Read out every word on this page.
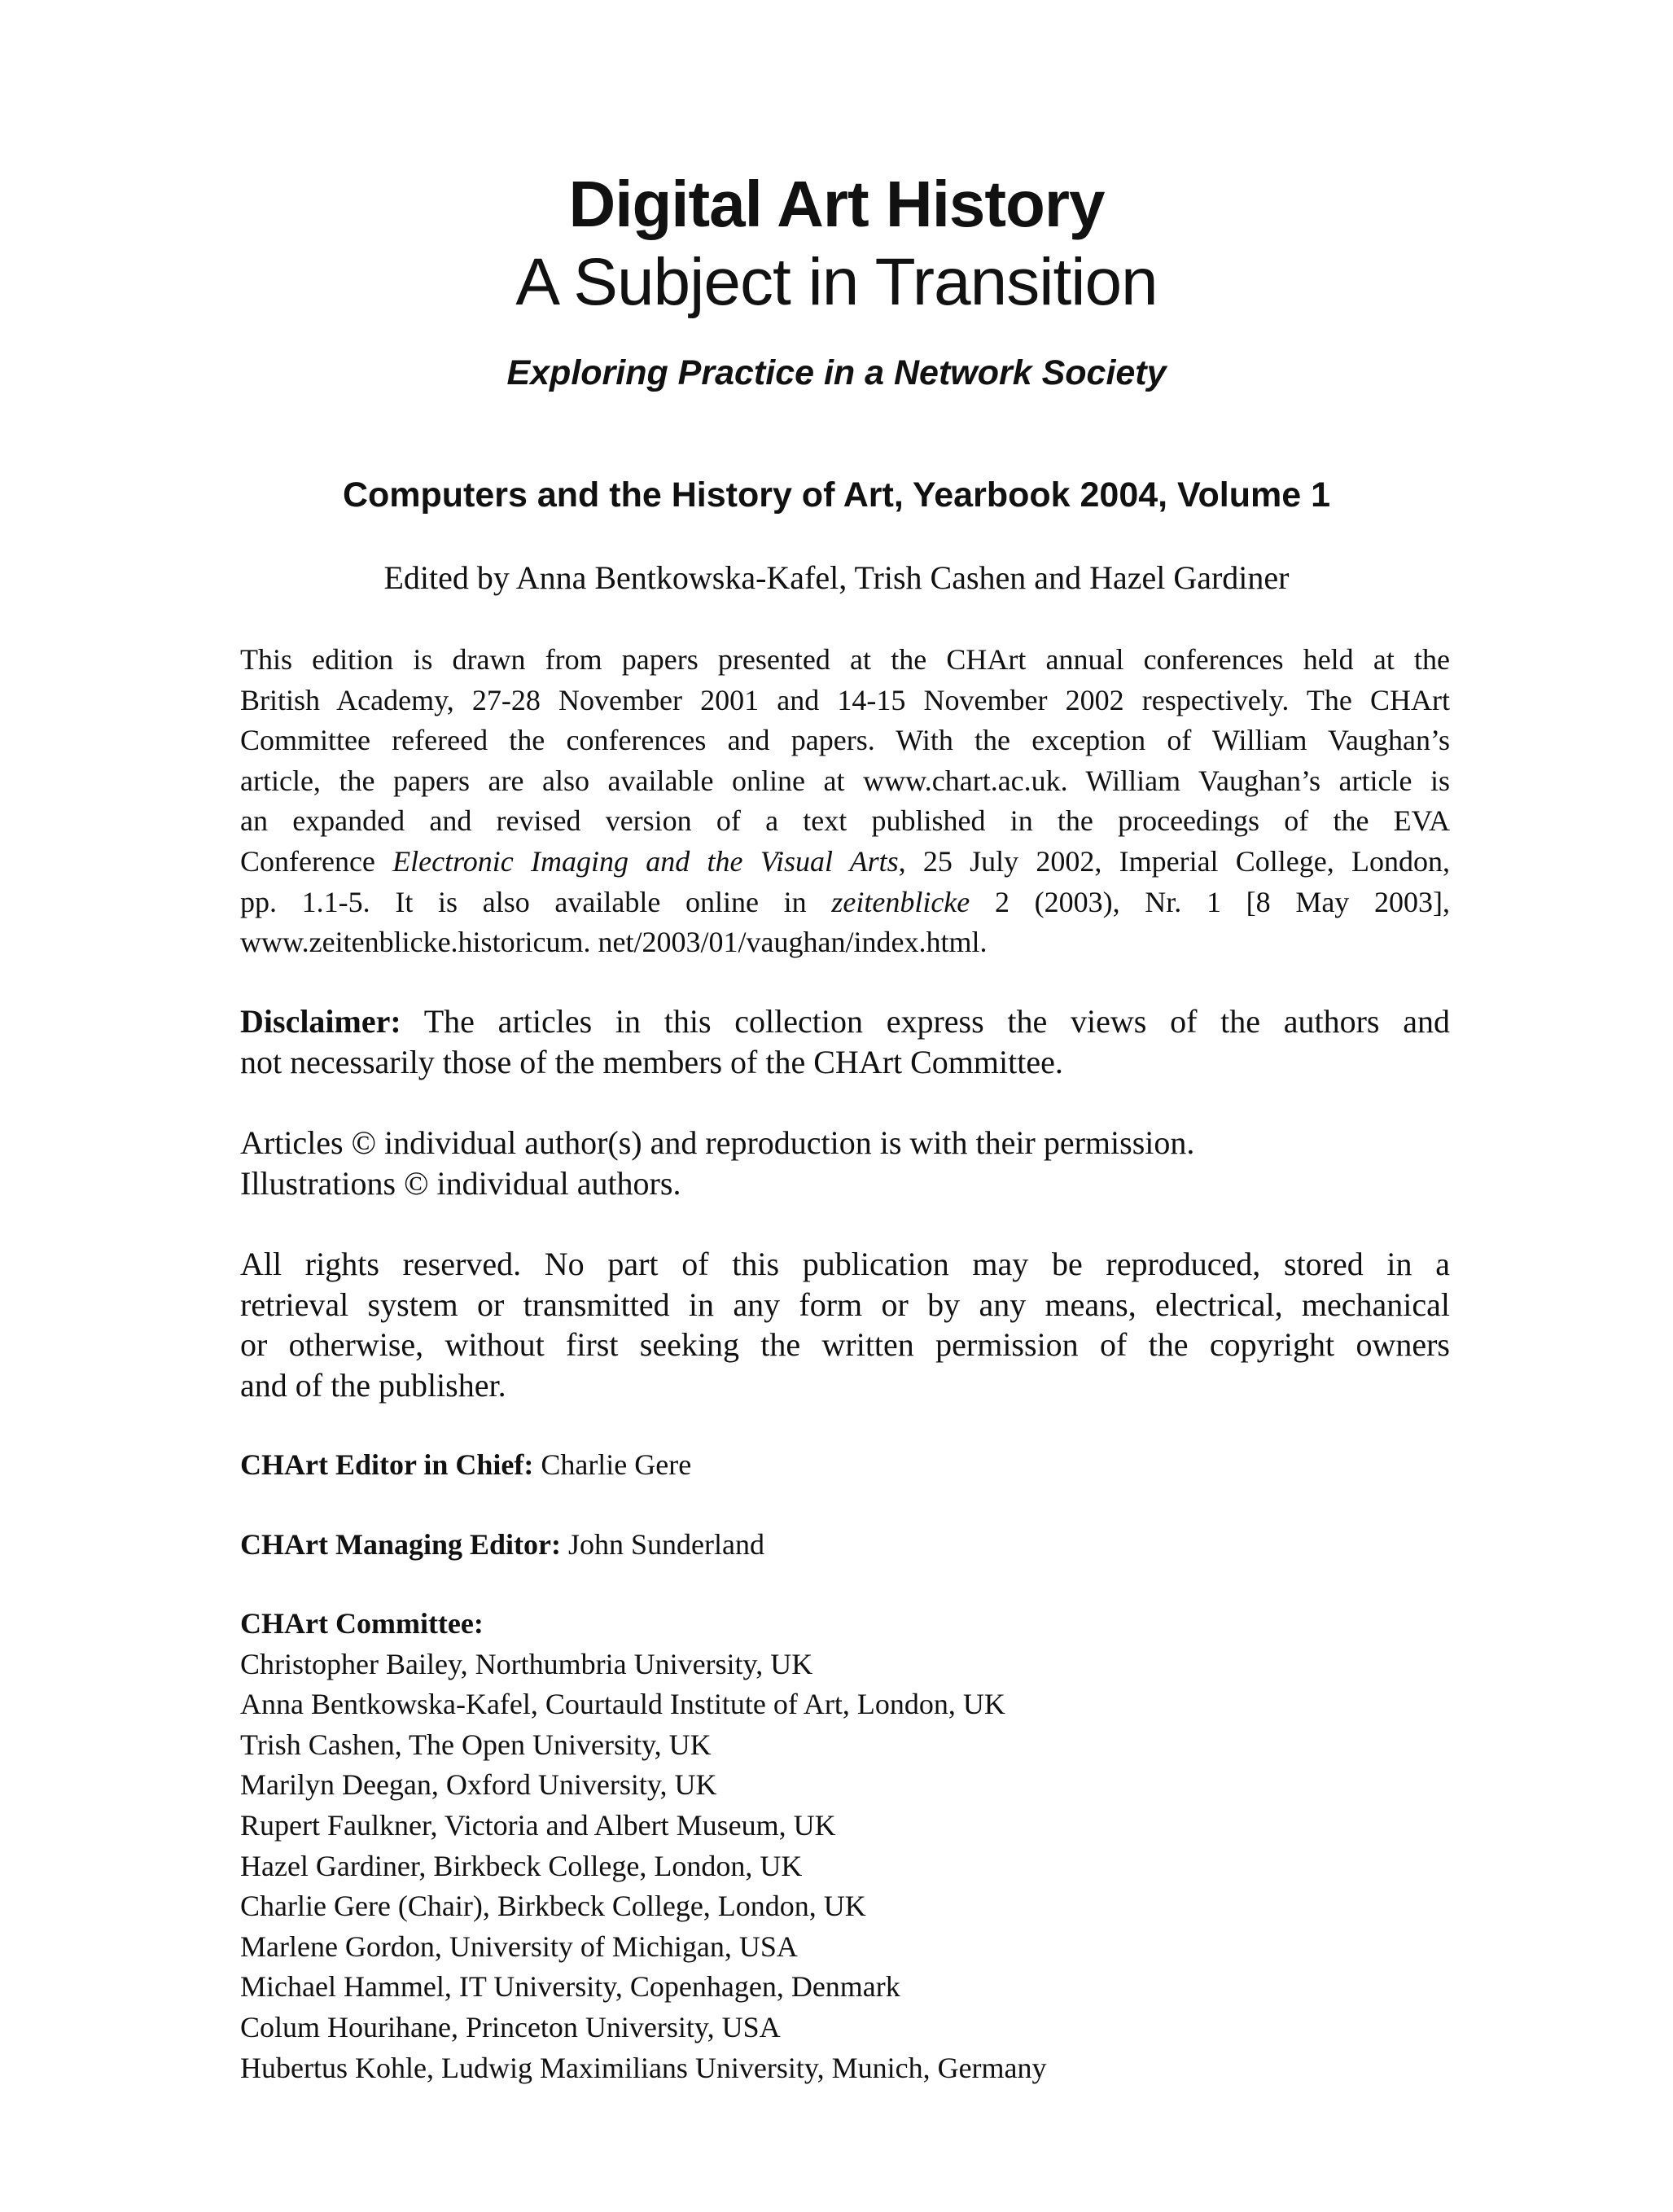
Digital Art History
A Subject in Transition
Exploring Practice in a Network Society
Computers and the History of Art, Yearbook 2004, Volume 1
Edited by Anna Bentkowska-Kafel, Trish Cashen and Hazel Gardiner
This edition is drawn from papers presented at the CHArt annual conferences held at the
British Academy, 27-28 November 2001 and 14-15 November 2002 respectively. The CHArt
Committee refereed the conferences and papers. With the exception of William Vaughan’s
article, the papers are also available online at www.chart.ac.uk. William Vaughan’s article is
an expanded and revised version of a text published in the proceedings of the EVA
Conference Electronic Imaging and the Visual Arts, 25 July 2002, Imperial College, London,
pp. 1.1-5. It is also available online in zeitenblicke 2 (2003), Nr. 1 [8 May 2003],
www.zeitenblicke.historicum. net/2003/01/vaughan/index.html.
Disclaimer: The articles in this collection express the views of the authors and
not necessarily those of the members of the CHArt Committee.
Articles © individual author(s) and reproduction is with their permission.
Illustrations © individual authors.
All rights reserved. No part of this publication may be reproduced, stored in a
retrieval system or transmitted in any form or by any means, electrical, mechanical
or otherwise, without first seeking the written permission of the copyright owners
and of the publisher.
CHArt Editor in Chief: Charlie Gere
CHArt Managing Editor: John Sunderland
CHArt Committee:
Christopher Bailey, Northumbria University, UK
Anna Bentkowska-Kafel, Courtauld Institute of Art, London, UK
Trish Cashen, The Open University, UK
Marilyn Deegan, Oxford University, UK
Rupert Faulkner, Victoria and Albert Museum, UK
Hazel Gardiner, Birkbeck College, London, UK
Charlie Gere (Chair), Birkbeck College, London, UK
Marlene Gordon, University of Michigan, USA
Michael Hammel, IT University, Copenhagen, Denmark
Colum Hourihane, Princeton University, USA
Hubertus Kohle, Ludwig Maximilians University, Munich, Germany
